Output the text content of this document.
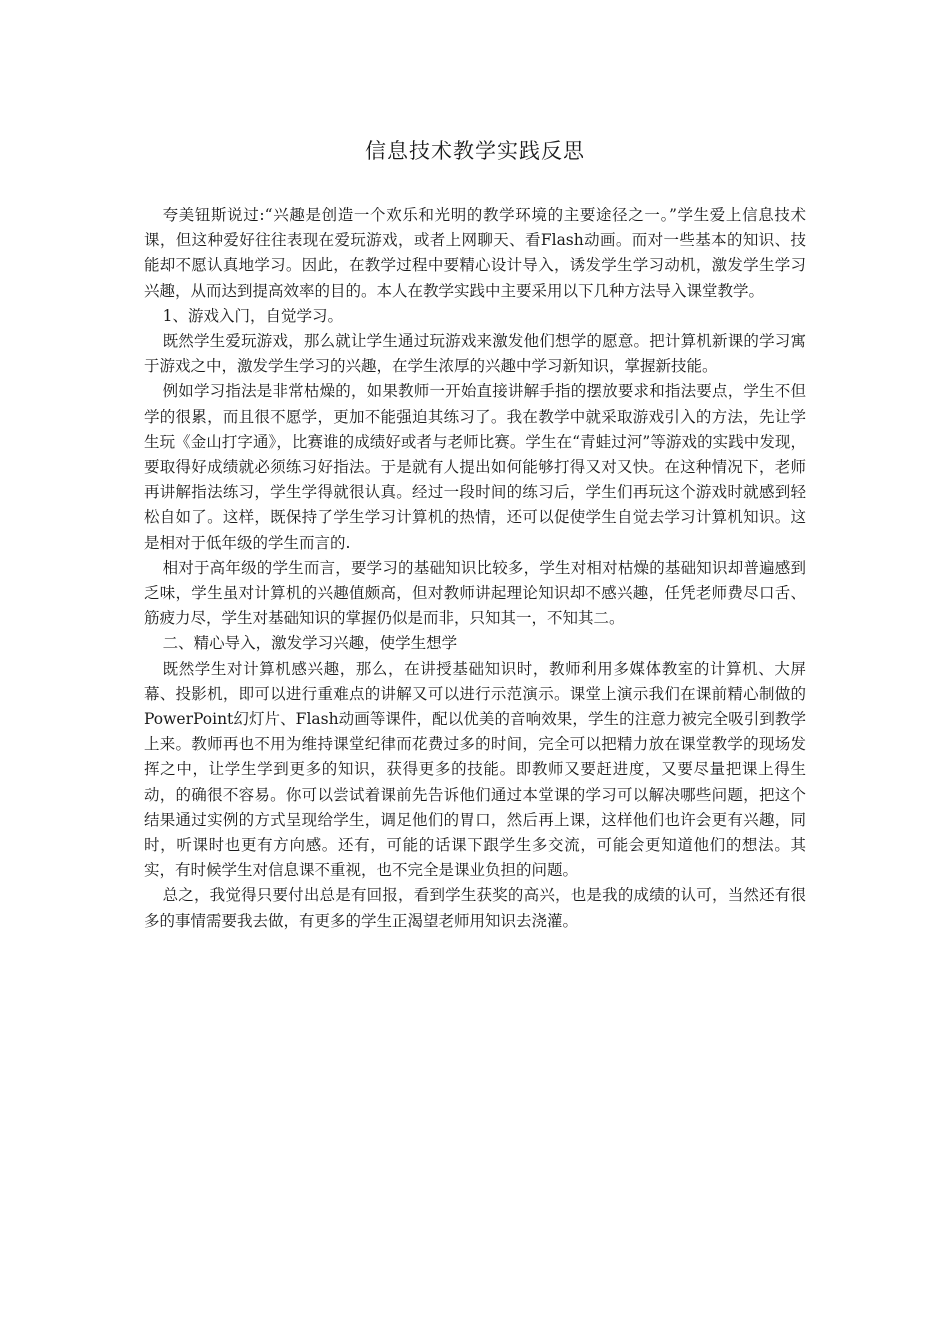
信息技术教学实践反思

夸美钮斯说过:“兴趣是创造一个欢乐和光明的教学环境的主要途径之一。”学生爱上信息技术课，但这种爱好往往表现在爱玩游戏，或者上网聊天、看Flash动画。而对一些基本的知识、技能却不愿认真地学习。因此，在教学过程中要精心设计导入，诱发学生学习动机，激发学生学习兴趣，从而达到提高效率的目的。本人在教学实践中主要采用以下几种方法导入课堂教学。

1、游戏入门，自觉学习。

既然学生爱玩游戏，那么就让学生通过玩游戏来激发他们想学的愿意。把计算机新课的学习寓于游戏之中，激发学生学习的兴趣，在学生浓厚的兴趣中学习新知识，掌握新技能。

例如学习指法是非常枯燥的，如果教师一开始直接讲解手指的摆放要求和指法要点，学生不但学的很累，而且很不愿学，更加不能强迫其练习了。我在教学中就采取游戏引入的方法，先让学生玩《金山打字通》，比赛谁的成绩好或者与老师比赛。学生在“青蛙过河”等游戏的实践中发现，要取得好成绩就必须练习好指法。于是就有人提出如何能够打得又对又快。在这种情况下，老师再讲解指法练习，学生学得就很认真。经过一段时间的练习后，学生们再玩这个游戏时就感到轻松自如了。这样，既保持了学生学习计算机的热情，还可以促使学生自觉去学习计算机知识。这是相对于低年级的学生而言的.

相对于高年级的学生而言，要学习的基础知识比较多，学生对相对枯燥的基础知识却普遍感到乏味，学生虽对计算机的兴趣值颇高，但对教师讲起理论知识却不感兴趣，任凭老师费尽口舌、筋疲力尽，学生对基础知识的掌握仍似是而非，只知其一，不知其二。

二、精心导入，激发学习兴趣，使学生想学

既然学生对计算机感兴趣，那么，在讲授基础知识时，教师利用多媒体教室的计算机、大屏幕、投影机，即可以进行重难点的讲解又可以进行示范演示。课堂上演示我们在课前精心制做的PowerPoint幻灯片、Flash动画等课件，配以优美的音响效果，学生的注意力被完全吸引到教学上来。教师再也不用为维持课堂纪律而花费过多的时间，完全可以把精力放在课堂教学的现场发挥之中，让学生学到更多的知识，获得更多的技能。即教师又要赶进度，又要尽量把课上得生动，的确很不容易。你可以尝试着课前先告诉他们通过本堂课的学习可以解决哪些问题，把这个结果通过实例的方式呈现给学生，调足他们的胃口，然后再上课，这样他们也许会更有兴趣，同时，听课时也更有方向感。还有，可能的话课下跟学生多交流，可能会更知道他们的想法。其实，有时候学生对信息课不重视，也不完全是课业负担的问题。

总之，我觉得只要付出总是有回报，看到学生获奖的高兴，也是我的成绩的认可，当然还有很多的事情需要我去做，有更多的学生正渴望老师用知识去浇灌。
